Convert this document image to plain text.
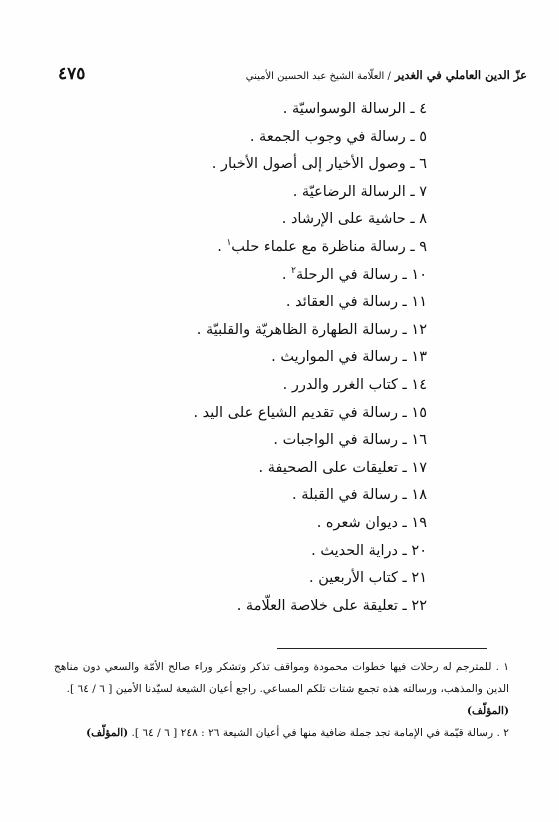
عزّ الدين العاملي في الغدير / العلّامة الشيخ عبد الحسين الأميني
٤٧٥
٤ ـ الرسالة الوسواسيّة .
٥ ـ رسالة في وجوب الجمعة .
٦ ـ وصول الأخيار إلى أصول الأخبار .
٧ ـ الرسالة الرضاعيّة .
٨ ـ حاشية على الإرشاد .
٩ ـ رسالة مناظرة مع علماء حلب$^١$ .
١٠ ـ رسالة في الرحلة$^٢$ .
١١ ـ رسالة في العقائد .
١٢ ـ رسالة الطهارة الظاهريّة والقلبيّة .
١٣ ـ رسالة في المواريث .
١٤ ـ كتاب الغرر والدرر .
١٥ ـ رسالة في تقديم الشياع على اليد .
١٦ ـ رسالة في الواجبات .
١٧ ـ تعليقات على الصحيفة .
١٨ ـ رسالة في القبلة .
١٩ ـ ديوان شعره .
٢٠ ـ دراية الحديث .
٢١ ـ كتاب الأربعين .
٢٢ ـ تعليقة على خلاصة العلّامة .

١ . للمترجم له رحلات فيها خطوات محمودة ومواقف تذكر وتشكر وراء صالح الأمّة والسعي دون مناهج الدين والمذهب، ورسالته هذه تجمع شتات تلكم المساعي. راجع أعيان الشيعة لسيّدنا الأمين [ ٦ / ٦٤ ].
(المؤلّف)

٢ . رسالة قيّمة في الإمامة تجد جملة ضافية منها في أعيان الشيعة ٢٦ : ٢٤٨ [ ٦ / ٦٤ ]. (المؤلّف)
